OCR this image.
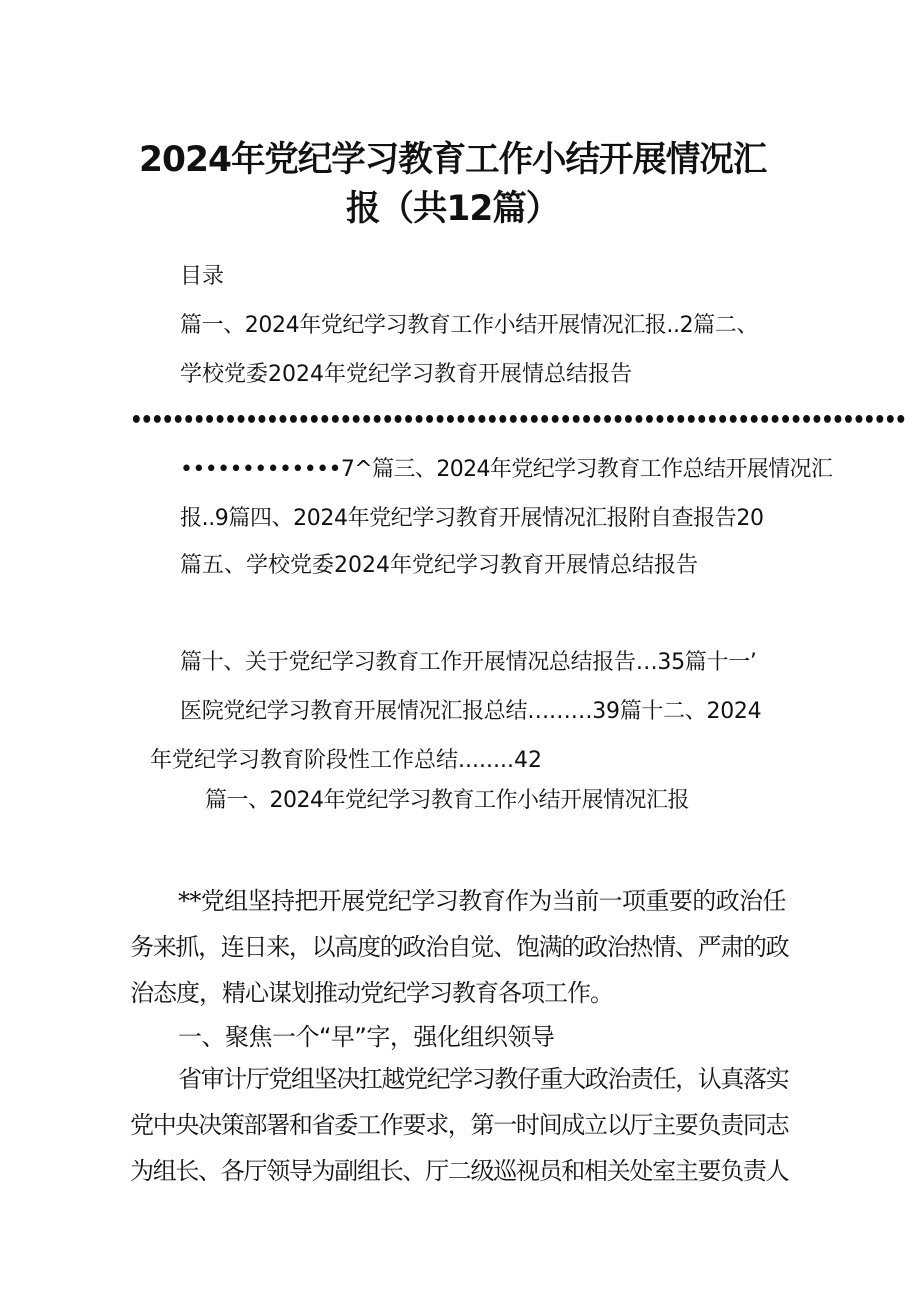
2024年党纪学习教育工作小结开展情况汇
报（共12篇）
目录
篇一、2024年党纪学习教育工作小结开展情况汇报..2篇二、
学校党委2024年党纪学习教育开展情总结报告
••••••••••••••••••••••••••••••••••••••••••••••••••••••••••••••••••••••••••
•••••••••••••7^篇三、2024年党纪学习教育工作总结开展情况汇
报..9篇四、2024年党纪学习教育开展情况汇报附自查报告20
篇五、学校党委2024年党纪学习教育开展情总结报告
篇十、关于党纪学习教育工作开展情况总结报告…35篇十一’
医院党纪学习教育开展情况汇报总结………39篇十二、2024
年党纪学习教育阶段性工作总结........42
篇一、2024年党纪学习教育工作小结开展情况汇报
**党组坚持把开展党纪学习教育作为当前一项重要的政治任
务来抓，连日来，以高度的政治自觉、饱满的政治热情、严肃的政
治态度，精心谋划推动党纪学习教育各项工作。
一、聚焦一个“早”字，强化组织领导
省审计厅党组坚决扛越党纪学习教仔重大政治责任，认真落实
党中央决策部署和省委工作要求，第一时间成立以厅主要负责同志
为组长、各厅领导为副组长、厅二级巡视员和相关处室主要负责人
